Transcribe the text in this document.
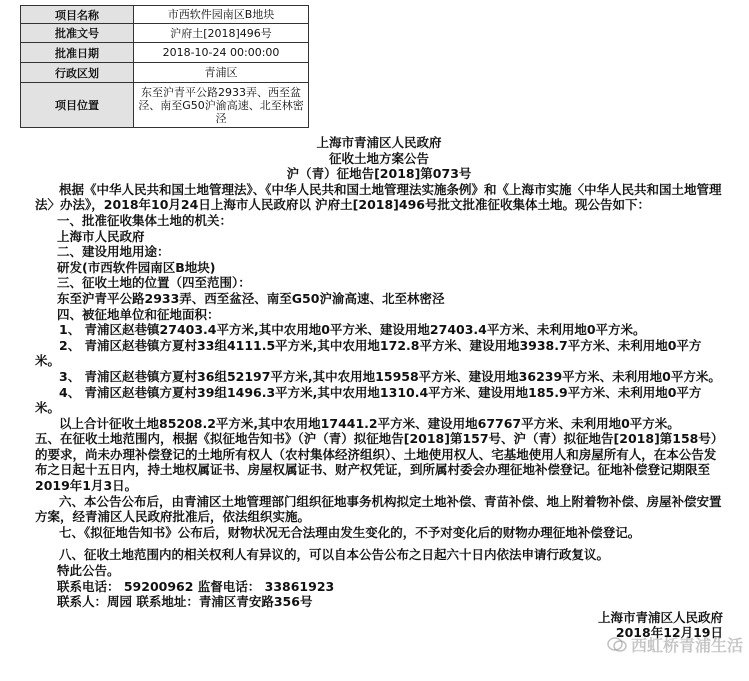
项目名称	市西软件园南区B地块
批准文号	沪府土[2018]496号
批准日期	2018-10-24 00:00:00
行政区划	青浦区
项目位置	东至沪青平公路2933弄、西至盆泾、南至G50沪渝高速、北至林密泾

上海市青浦区人民政府

征收土地方案公告

沪（青）征地告[2018]第073号

根据《中华人民共和国土地管理法》、《中华人民共和国土地管理法实施条例》和《上海市实施〈中华人民共和国土地管理法〉办法》，2018年10月24日上海市人民政府以 沪府土[2018]496号批文批准征收集体土地。现公告如下：

一、批准征收集体土地的机关：

上海市人民政府

二、建设用地用途：

研发(市西软件园南区B地块)

三、征收土地的位置（四至范围）：

东至沪青平公路2933弄、西至盆泾、南至G50沪渝高速、北至林密泾

四、被征地单位和征地面积：

1、 青浦区赵巷镇27403.4平方米,其中农用地0平方米、建设用地27403.4平方米、未利用地0平方米。

2、 青浦区赵巷镇方夏村33组4111.5平方米,其中农用地172.8平方米、建设用地3938.7平方米、未利用地0平方米。

3、 青浦区赵巷镇方夏村36组52197平方米,其中农用地15958平方米、建设用地36239平方米、未利用地0平方米。

4、 青浦区赵巷镇方夏村39组1496.3平方米,其中农用地1310.4平方米、建设用地185.9平方米、未利用地0平方米。

以上合计征收土地85208.2平方米,其中农用地17441.2平方米、建设用地67767平方米、未利用地0平方米。

五、在征收土地范围内，根据《拟征地告知书》（沪（青）拟征地告[2018]第157号、沪（青）拟征地告[2018]第158号）的要求，尚未办理补偿登记的土地所有权人（农村集体经济组织）、土地使用权人、宅基地使用人和房屋所有人，在本公告发布之日起十五日内，持土地权属证书、房屋权属证书、财产权凭证，到所属村委会办理征地补偿登记。征地补偿登记期限至2019年1月3日。

六、本公告公布后，由青浦区土地管理部门组织征地事务机构拟定土地补偿、青苗补偿、地上附着物补偿、房屋补偿安置方案，经青浦区人民政府批准后，依法组织实施。

七、《拟征地告知书》公布后，财物状况无合法理由发生变化的，不予对变化后的财物办理征地补偿登记。

八、征收土地范围内的相关权利人有异议的，可以自本公告公布之日起六十日内依法申请行政复议。

特此公告。

联系电话： 59200962 监督电话： 33861923

联系人：周园 联系地址：青浦区青安路356号

上海市青浦区人民政府

2018年12月19日

西虹桥青浦生活
